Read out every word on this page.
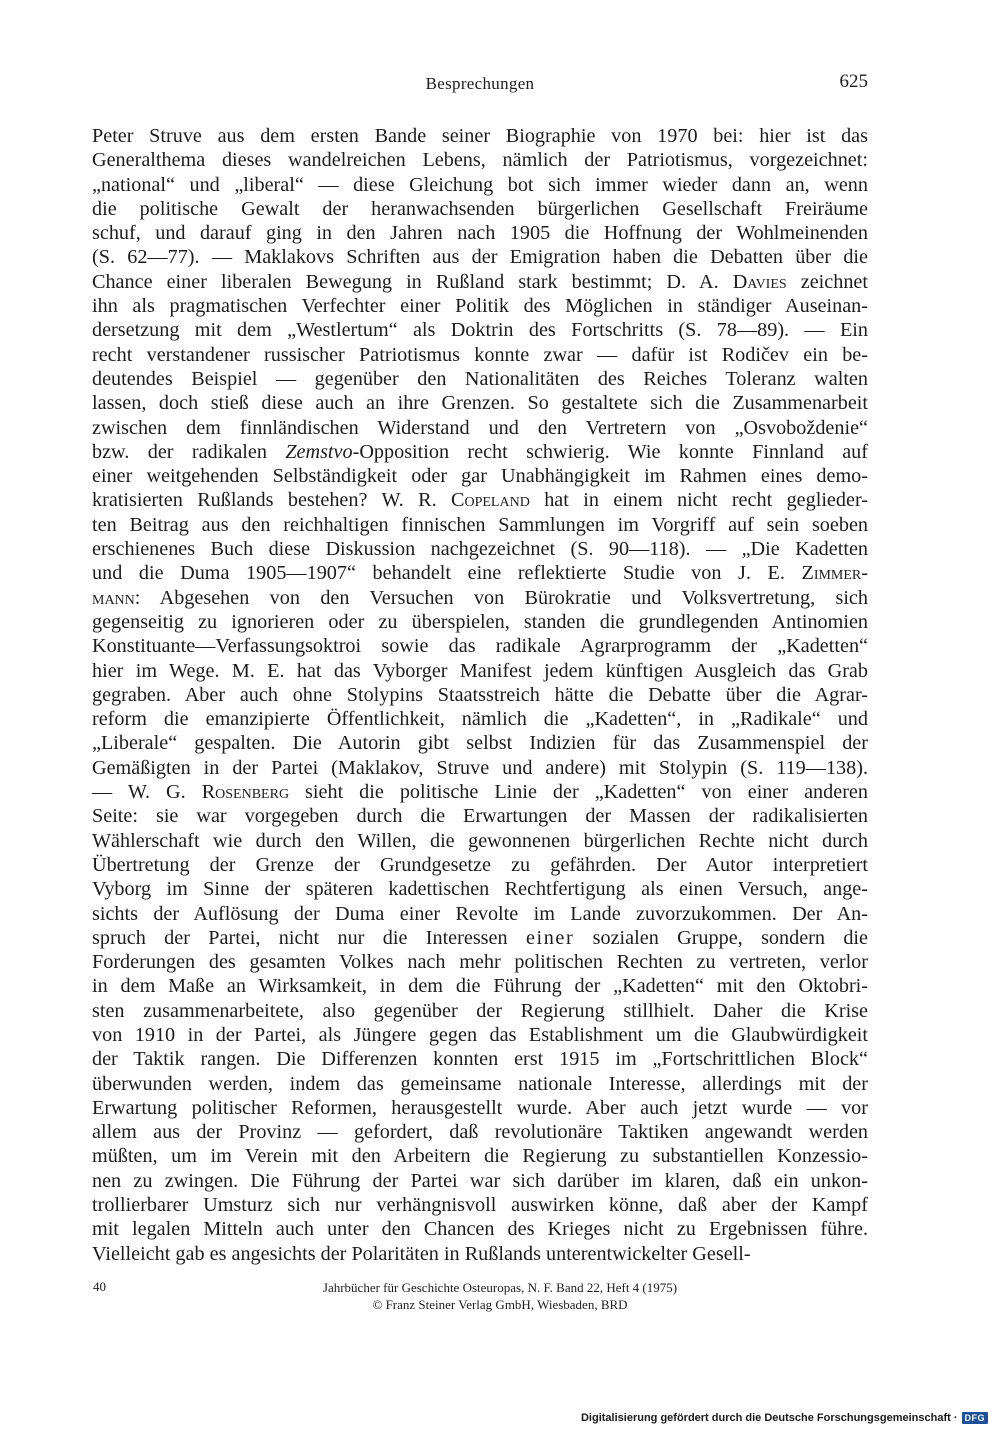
Besprechungen	625
Peter Struve aus dem ersten Bande seiner Biographie von 1970 bei: hier ist das
Generalthema dieses wandelreichen Lebens, nämlich der Patriotismus, vorgezeichnet:
„national“ und „liberal“ — diese Gleichung bot sich immer wieder dann an, wenn
die politische Gewalt der heranwachsenden bürgerlichen Gesellschaft Freiräume
schuf, und darauf ging in den Jahren nach 1905 die Hoffnung der Wohlmeinenden
(S. 62—77). — Maklakovs Schriften aus der Emigration haben die Debatten über die
Chance einer liberalen Bewegung in Rußland stark bestimmt; D. A. Davies zeichnet
ihn als pragmatischen Verfechter einer Politik des Möglichen in ständiger Auseinan-
dersetzung mit dem „Westlertum“ als Doktrin des Fortschritts (S. 78—89). — Ein
recht verstandener russischer Patriotismus konnte zwar — dafür ist Rodičev ein be-
deutendes Beispiel — gegenüber den Nationalitäten des Reiches Toleranz walten
lassen, doch stieß diese auch an ihre Grenzen. So gestaltete sich die Zusammenarbeit
zwischen dem finnländischen Widerstand und den Vertretern von „Osvoboždenie“
bzw. der radikalen Zemstvo-Opposition recht schwierig. Wie konnte Finnland auf
einer weitgehenden Selbständigkeit oder gar Unabhängigkeit im Rahmen eines demo-
kratisierten Rußlands bestehen? W. R. Copeland hat in einem nicht recht geglieder-
ten Beitrag aus den reichhaltigen finnischen Sammlungen im Vorgriff auf sein soeben
erschienenes Buch diese Diskussion nachgezeichnet (S. 90—118). — „Die Kadetten
und die Duma 1905—1907“ behandelt eine reflektierte Studie von J. E. Zimmer-
mann: Abgesehen von den Versuchen von Bürokratie und Volksvertretung, sich
gegenseitig zu ignorieren oder zu überspielen, standen die grundlegenden Antinomien
Konstituante—Verfassungsoktroi sowie das radikale Agrarprogramm der „Kadetten“
hier im Wege. M. E. hat das Vyborger Manifest jedem künftigen Ausgleich das Grab
gegraben. Aber auch ohne Stolypins Staatsstreich hätte die Debatte über die Agrar-
reform die emanzipierte Öffentlichkeit, nämlich die „Kadetten“, in „Radikale“ und
„Liberale“ gespalten. Die Autorin gibt selbst Indizien für das Zusammenspiel der
Gemäßigten in der Partei (Maklakov, Struve und andere) mit Stolypin (S. 119—138).
— W. G. Rosenberg sieht die politische Linie der „Kadetten“ von einer anderen
Seite: sie war vorgegeben durch die Erwartungen der Massen der radikalisierten
Wählerschaft wie durch den Willen, die gewonnenen bürgerlichen Rechte nicht durch
Übertretung der Grenze der Grundgesetze zu gefährden. Der Autor interpretiert
Vyborg im Sinne der späteren kadettischen Rechtfertigung als einen Versuch, ange-
sichts der Auflösung der Duma einer Revolte im Lande zuvorzukommen. Der An-
spruch der Partei, nicht nur die Interessen einer sozialen Gruppe, sondern die
Forderungen des gesamten Volkes nach mehr politischen Rechten zu vertreten, verlor
in dem Maße an Wirksamkeit, in dem die Führung der „Kadetten“ mit den Oktobri-
sten zusammenarbeitete, also gegenüber der Regierung stillhielt. Daher die Krise
von 1910 in der Partei, als Jüngere gegen das Establishment um die Glaubwürdigkeit
der Taktik rangen. Die Differenzen konnten erst 1915 im „Fortschrittlichen Block“
überwunden werden, indem das gemeinsame nationale Interesse, allerdings mit der
Erwartung politischer Reformen, herausgestellt wurde. Aber auch jetzt wurde — vor
allem aus der Provinz — gefordert, daß revolutionäre Taktiken angewandt werden
müßten, um im Verein mit den Arbeitern die Regierung zu substantiellen Konzessio-
nen zu zwingen. Die Führung der Partei war sich darüber im klaren, daß ein unkon-
trollierbarer Umsturz sich nur verhängnisvoll auswirken könne, daß aber der Kampf
mit legalen Mitteln auch unter den Chancen des Krieges nicht zu Ergebnissen führe.
Vielleicht gab es angesichts der Polaritäten in Rußlands unterentwickelter Gesell-
40	Jahrbücher für Geschichte Osteuropas, N. F. Band 22, Heft 4 (1975)
© Franz Steiner Verlag GmbH, Wiesbaden, BRD
Digitalisierung gefördert durch die Deutsche Forschungsgemeinschaft · DFG
